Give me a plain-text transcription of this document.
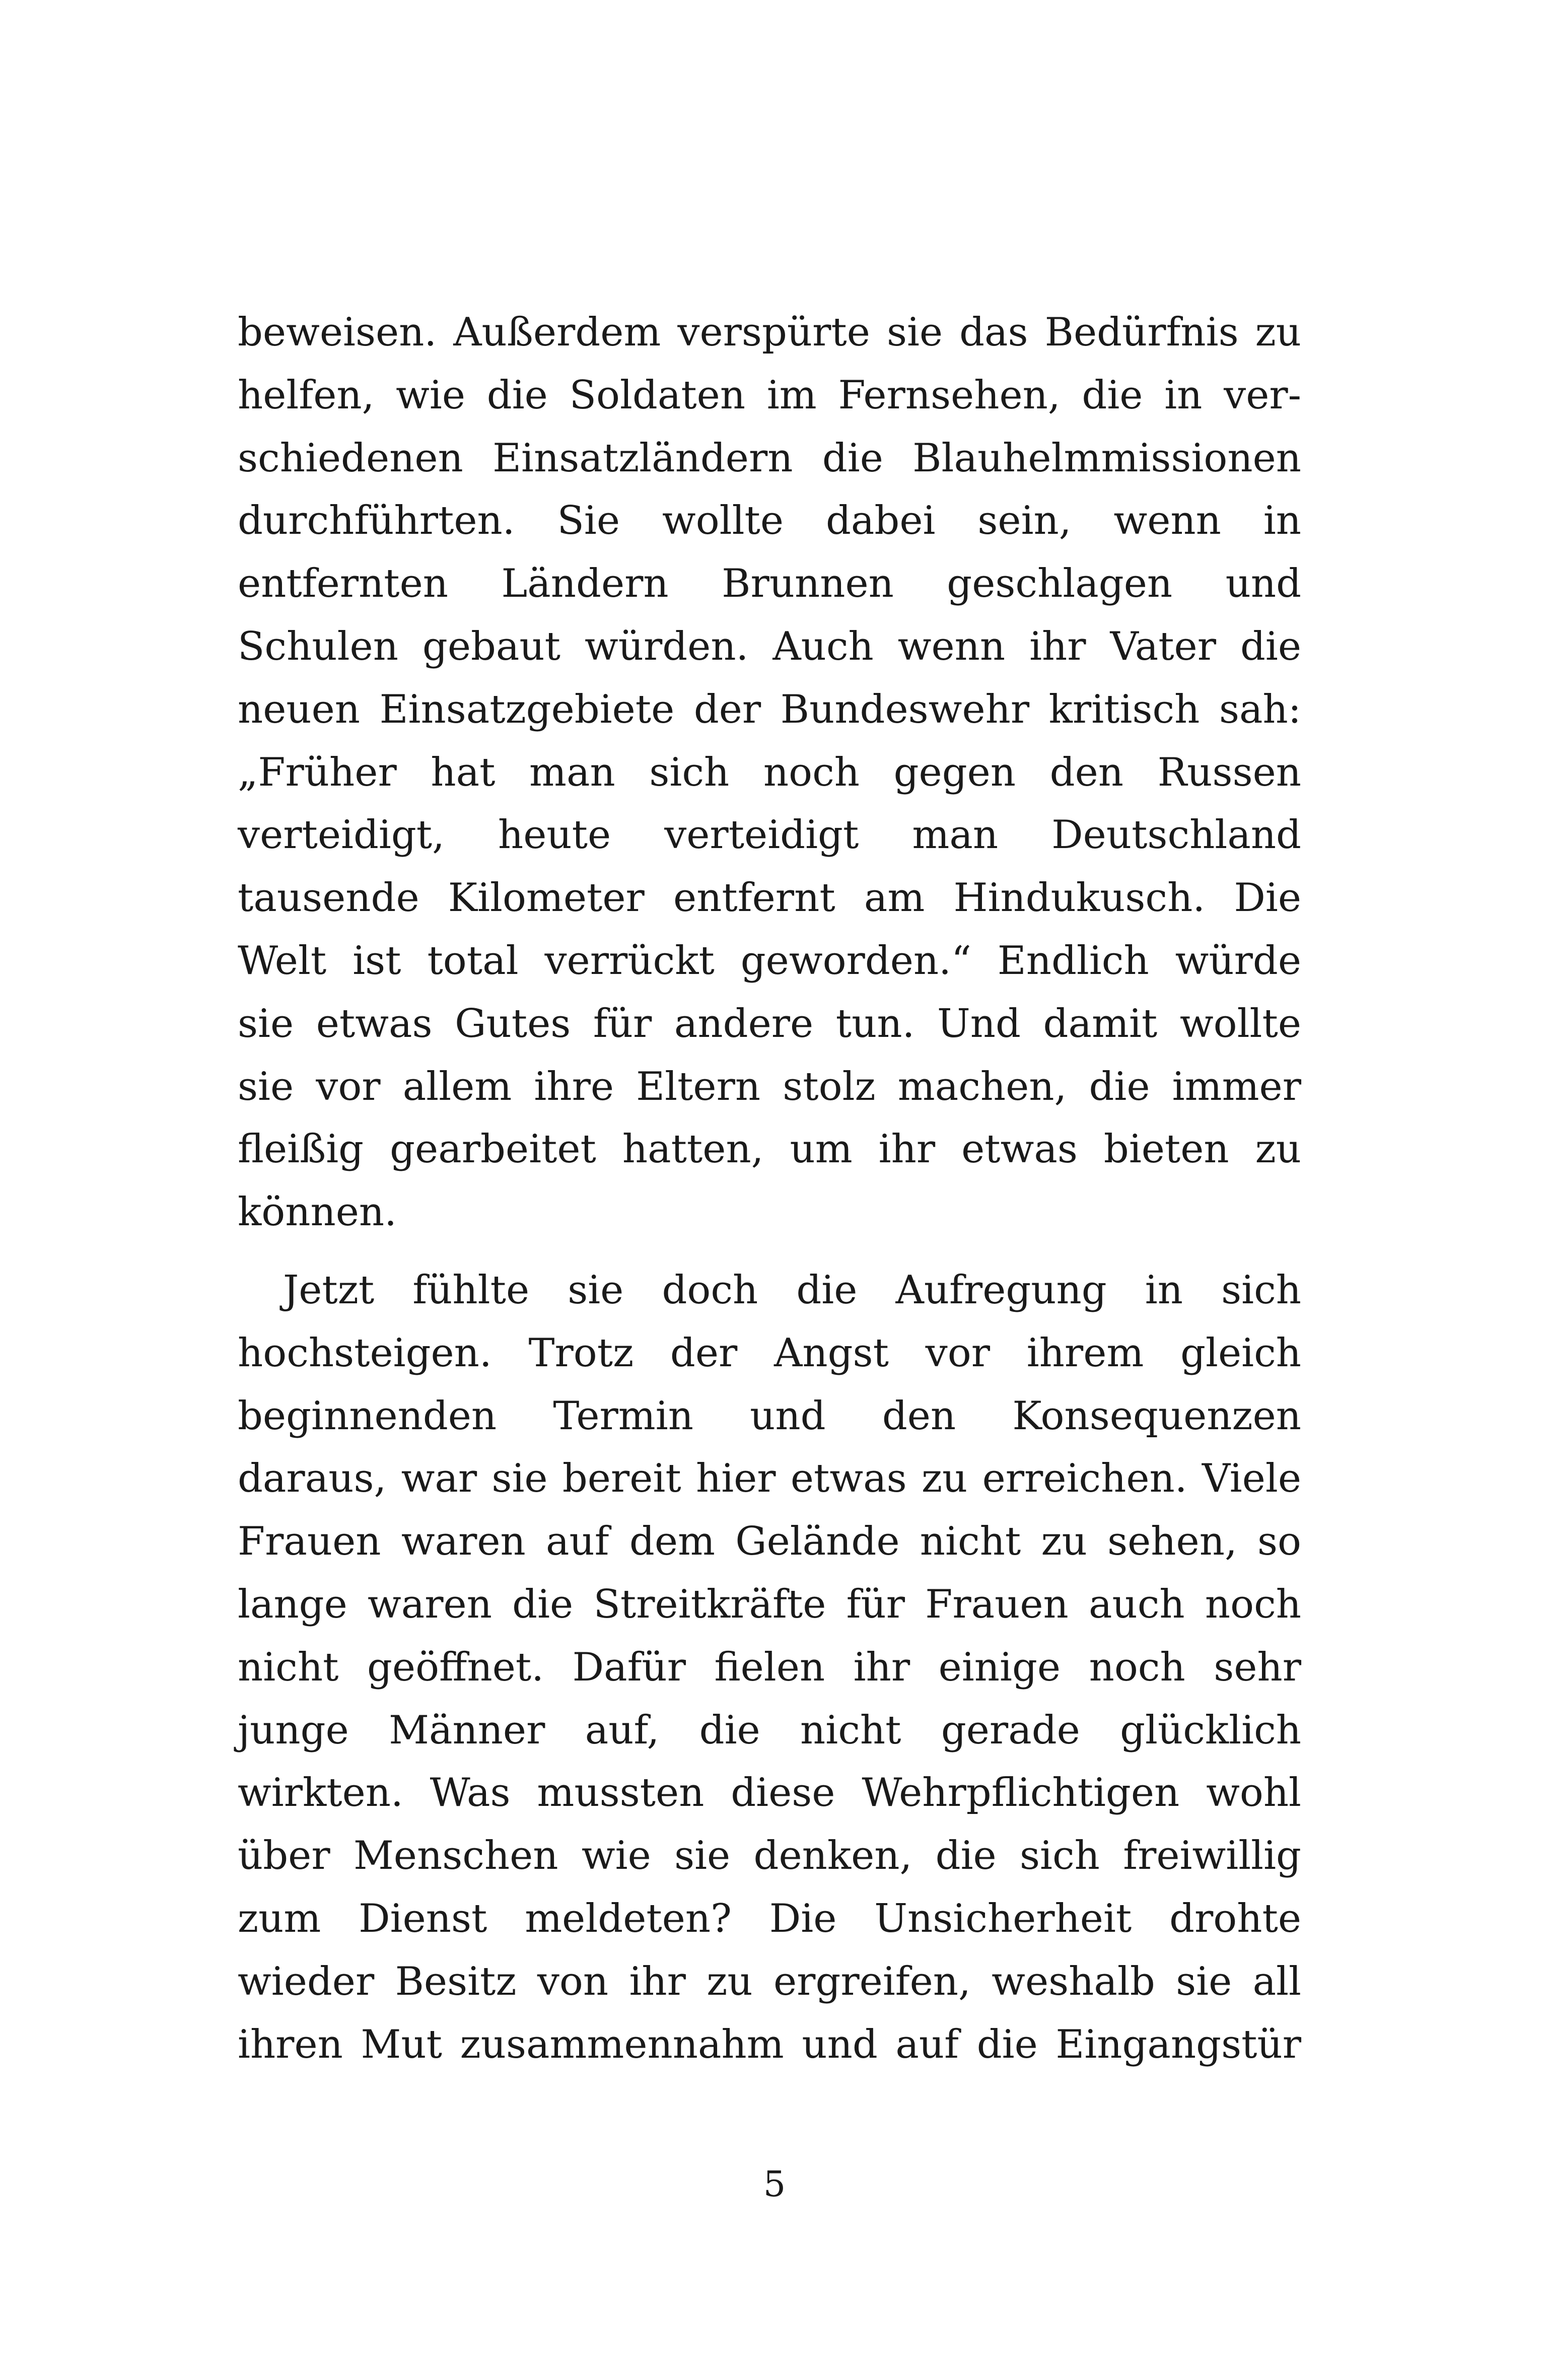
beweisen. Außerdem verspürte sie das Bedürfnis zu
helfen, wie die Soldaten im Fernsehen, die in ver-
schiedenen Einsatzländern die Blauhelmmissionen
durchführten. Sie wollte dabei sein, wenn in
entfernten Ländern Brunnen geschlagen und
Schulen gebaut würden. Auch wenn ihr Vater die
neuen Einsatzgebiete der Bundeswehr kritisch sah:
„Früher hat man sich noch gegen den Russen
verteidigt, heute verteidigt man Deutschland
tausende Kilometer entfernt am Hindukusch. Die
Welt ist total verrückt geworden.“ Endlich würde
sie etwas Gutes für andere tun. Und damit wollte
sie vor allem ihre Eltern stolz machen, die immer
fleißig gearbeitet hatten, um ihr etwas bieten zu
können.
Jetzt fühlte sie doch die Aufregung in sich
hochsteigen. Trotz der Angst vor ihrem gleich
beginnenden Termin und den Konsequenzen
daraus, war sie bereit hier etwas zu erreichen. Viele
Frauen waren auf dem Gelände nicht zu sehen, so
lange waren die Streitkräfte für Frauen auch noch
nicht geöffnet. Dafür fielen ihr einige noch sehr
junge Männer auf, die nicht gerade glücklich
wirkten. Was mussten diese Wehrpflichtigen wohl
über Menschen wie sie denken, die sich freiwillig
zum Dienst meldeten? Die Unsicherheit drohte
wieder Besitz von ihr zu ergreifen, weshalb sie all
ihren Mut zusammennahm und auf die Eingangstür
5
